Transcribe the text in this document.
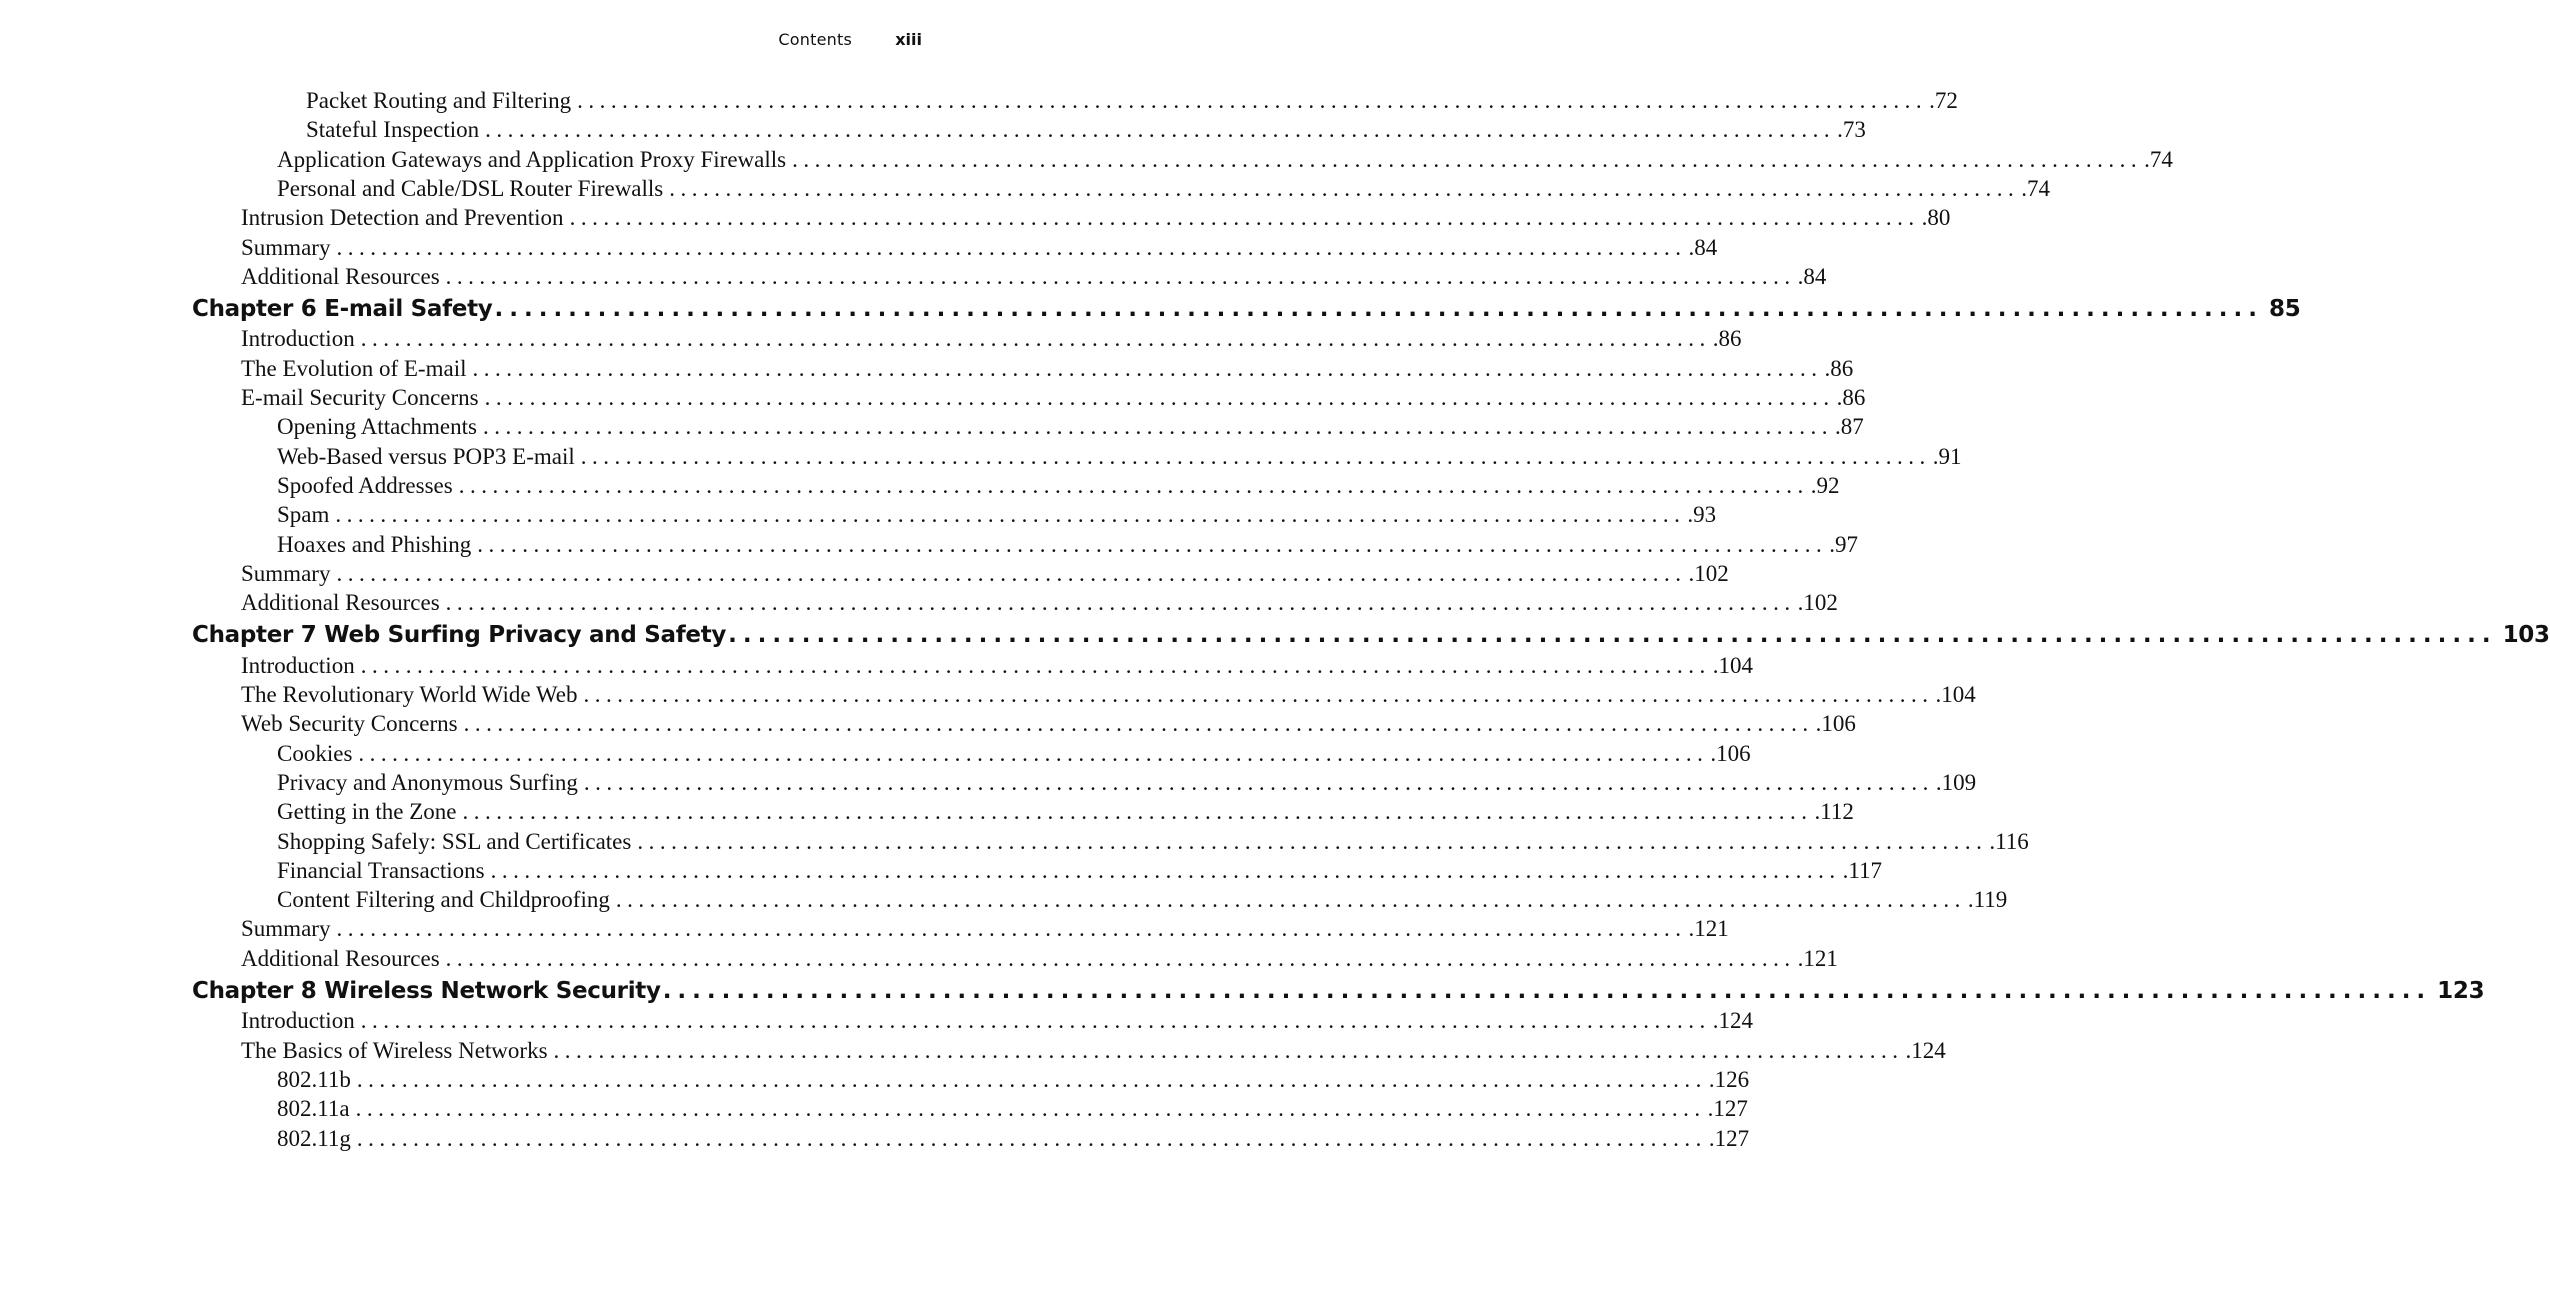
Contents	xiii
Packet Routing and Filtering ........................................................................................................................ .72
Stateful Inspection ........................................................................................................................ .73
Application Gateways and Application Proxy Firewalls ........................................................................................................................ .74
Personal and Cable/DSL Router Firewalls ........................................................................................................................ .74
Intrusion Detection and Prevention ........................................................................................................................ .80
Summary ........................................................................................................................ .84
Additional Resources ........................................................................................................................ .84
Chapter 6 E-mail Safety ........................................................................................................................ 85
Introduction ........................................................................................................................ .86
The Evolution of E-mail ........................................................................................................................ .86
E-mail Security Concerns ........................................................................................................................ .86
Opening Attachments ........................................................................................................................ .87
Web-Based versus POP3 E-mail ........................................................................................................................ .91
Spoofed Addresses ........................................................................................................................ .92
Spam ........................................................................................................................ .93
Hoaxes and Phishing ........................................................................................................................ .97
Summary ........................................................................................................................ .102
Additional Resources ........................................................................................................................ .102
Chapter 7 Web Surfing Privacy and Safety ........................................................................................................................ 103
Introduction ........................................................................................................................ .104
The Revolutionary World Wide Web ........................................................................................................................ .104
Web Security Concerns ........................................................................................................................ .106
Cookies ........................................................................................................................ .106
Privacy and Anonymous Surfing ........................................................................................................................ .109
Getting in the Zone ........................................................................................................................ .112
Shopping Safely: SSL and Certificates ........................................................................................................................ .116
Financial Transactions ........................................................................................................................ .117
Content Filtering and Childproofing ........................................................................................................................ .119
Summary ........................................................................................................................ .121
Additional Resources ........................................................................................................................ .121
Chapter 8 Wireless Network Security ........................................................................................................................ 123
Introduction ........................................................................................................................ .124
The Basics of Wireless Networks ........................................................................................................................ .124
802.11b ........................................................................................................................ .126
802.11a ........................................................................................................................ .127
802.11g ........................................................................................................................ .127
